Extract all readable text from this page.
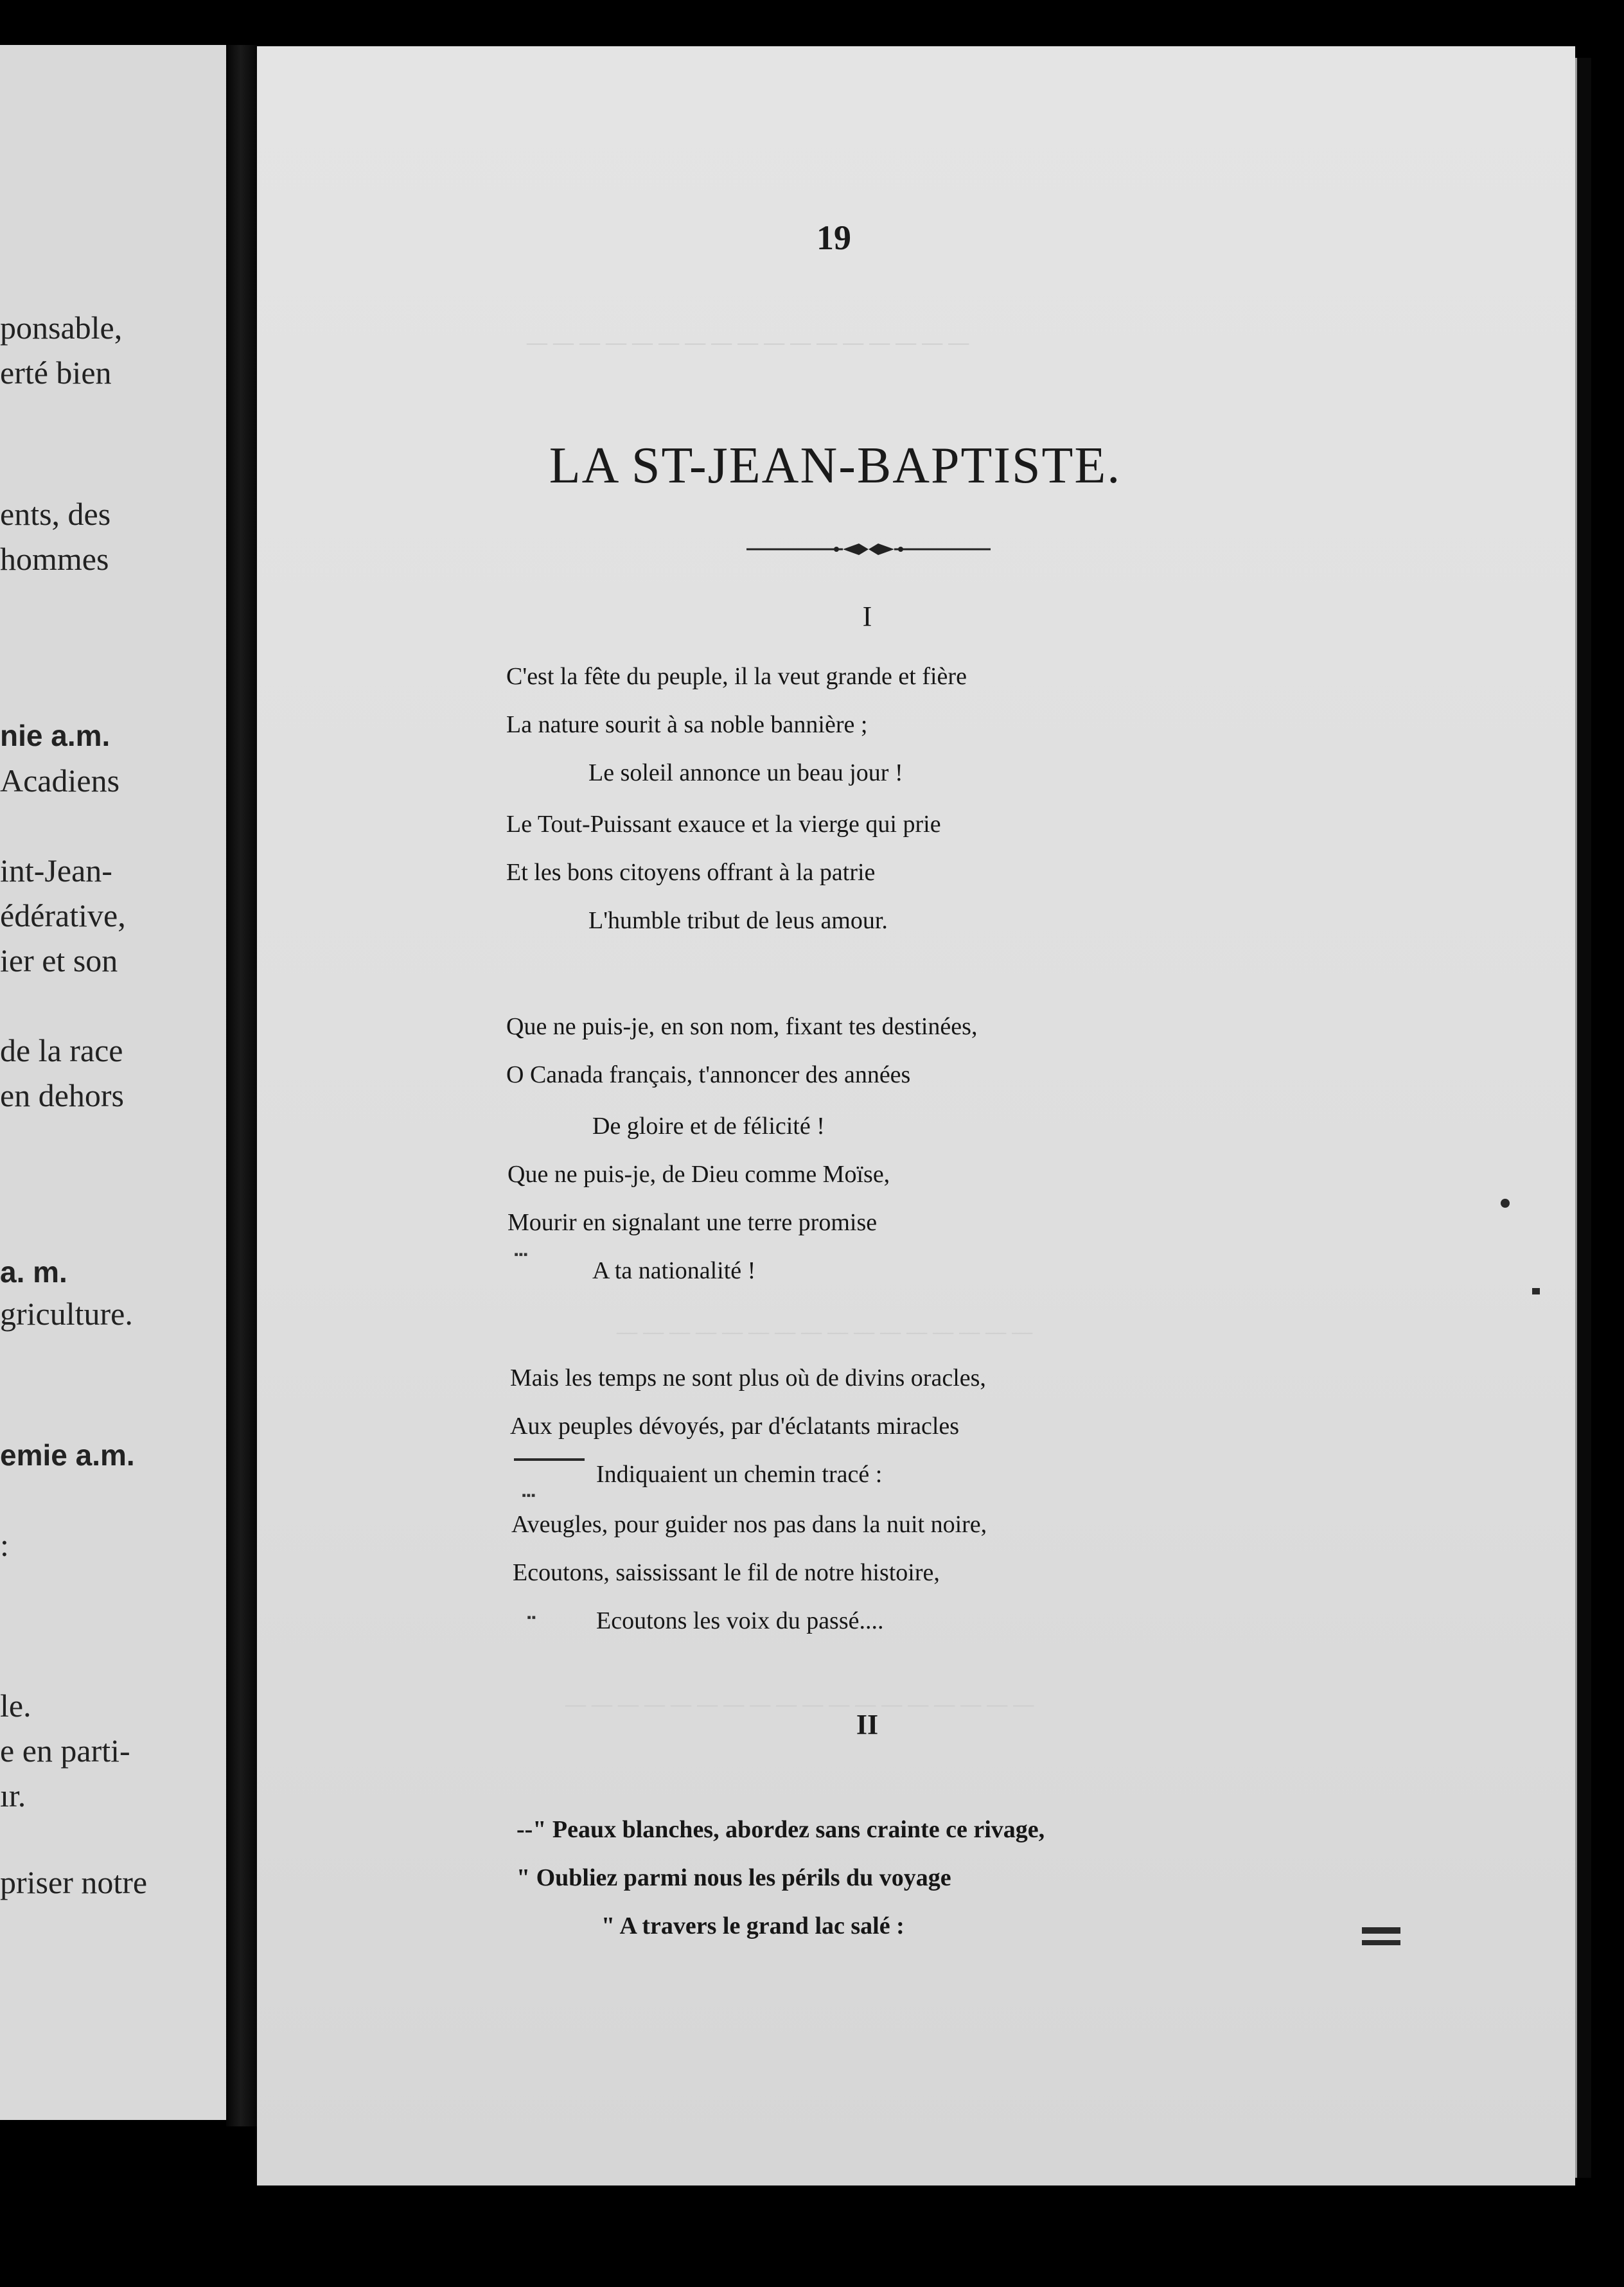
ponsable,
erté bien
ents, des
hommes
nie a.m.
Acadiens
int-Jean-
édérative,
ier et son
de la race
en dehors
a. m.
griculture.
emie a.m.
:
le.
e en parti-
ır.
priser notre
— — — — — — — — — — — — — — — — —
— — — — — — — — — — — — — — — —
— — — — — — — — — — — — — — — — — —
19
LA ST-JEAN-BAPTISTE.
I
C'est la fête du peuple, il la veut grande et fière
La nature sourit à sa noble bannière ;
Le soleil annonce un beau jour !
Le Tout-Puissant exauce et la vierge qui prie
Et les bons citoyens offrant à la patrie
L'humble tribut de leus amour.
Que ne puis-je, en son nom, fixant tes destinées,
O Canada français, t'annoncer des années
De gloire et de félicité !
Que ne puis-je, de Dieu comme Moïse,
Mourir en signalant une terre promise
A ta nationalité !
▪▪▪
▪▪▪
▪▪
Mais les temps ne sont plus où de divins oracles,
Aux peuples dévoyés, par d'éclatants miracles
Indiquaient un chemin tracé :
Aveugles, pour guider nos pas dans la nuit noire,
Ecoutons, saississant le fil de notre histoire,
Ecoutons les voix du passé....
II
--" Peaux blanches, abordez sans crainte ce rivage,
" Oubliez parmi nous les périls du voyage
" A travers le grand lac salé :
